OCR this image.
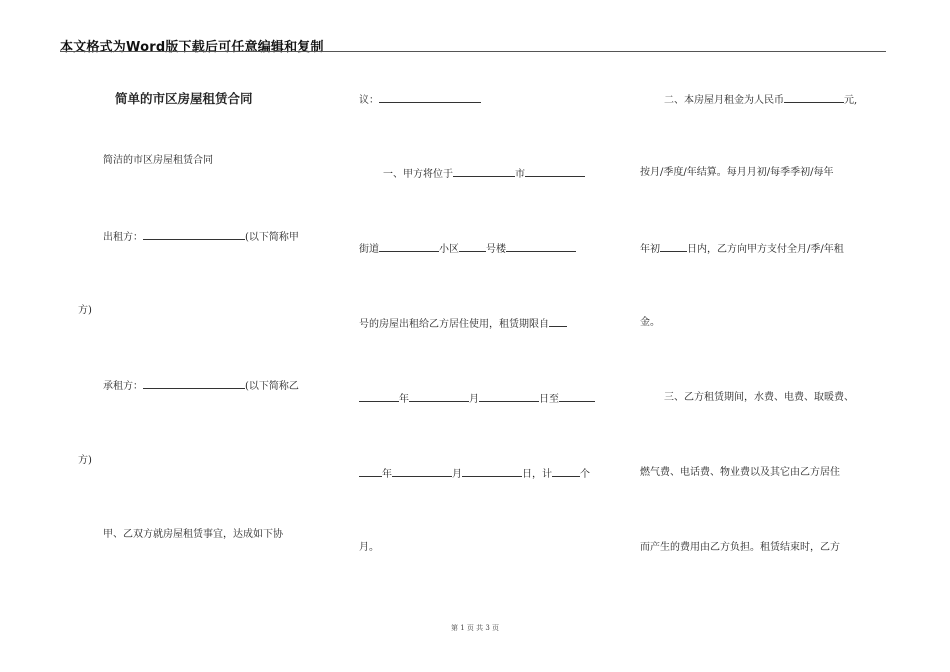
本文格式为Word版下载后可任意编辑和复制
简单的市区房屋租赁合同
简洁的市区房屋租赁合同
出租方：	(以下简称甲
方)
承租方：	(以下简称乙
方)
甲、乙双方就房屋租赁事宜，达成如下协
议：
一、甲方将位于	市
街道	小区	号楼
号的房屋出租给乙方居住使用，租赁期限自
年	月	日至
年	月	日，计	个
月。
二、本房屋月租金为人民币	元,
按月/季度/年结算。每月月初/每季季初/每年
年初	日内，乙方向甲方支付全月/季/年租
金。
三、乙方租赁期间，水费、电费、取暖费、
燃气费、电话费、物业费以及其它由乙方居住
而产生的费用由乙方负担。租赁结束时，乙方
第 1 页 共 3 页
